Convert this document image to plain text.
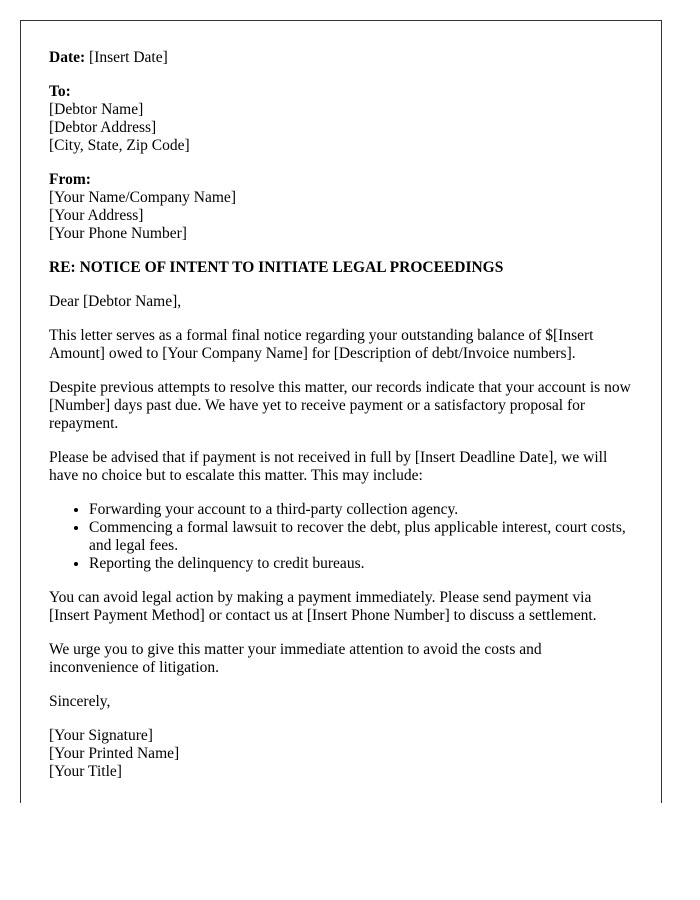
Date: [Insert Date]

To:
[Debtor Name]
[Debtor Address]
[City, State, Zip Code]

From:
[Your Name/Company Name]
[Your Address]
[Your Phone Number]

RE: NOTICE OF INTENT TO INITIATE LEGAL PROCEEDINGS

Dear [Debtor Name],

This letter serves as a formal final notice regarding your outstanding balance of $[Insert Amount] owed to [Your Company Name] for [Description of debt/Invoice numbers].

Despite previous attempts to resolve this matter, our records indicate that your account is now [Number] days past due. We have yet to receive payment or a satisfactory proposal for repayment.

Please be advised that if payment is not received in full by [Insert Deadline Date], we will have no choice but to escalate this matter. This may include:

• Forwarding your account to a third-party collection agency.
• Commencing a formal lawsuit to recover the debt, plus applicable interest, court costs, and legal fees.
• Reporting the delinquency to credit bureaus.

You can avoid legal action by making a payment immediately. Please send payment via [Insert Payment Method] or contact us at [Insert Phone Number] to discuss a settlement.

We urge you to give this matter your immediate attention to avoid the costs and inconvenience of litigation.

Sincerely,

[Your Signature]
[Your Printed Name]
[Your Title]
